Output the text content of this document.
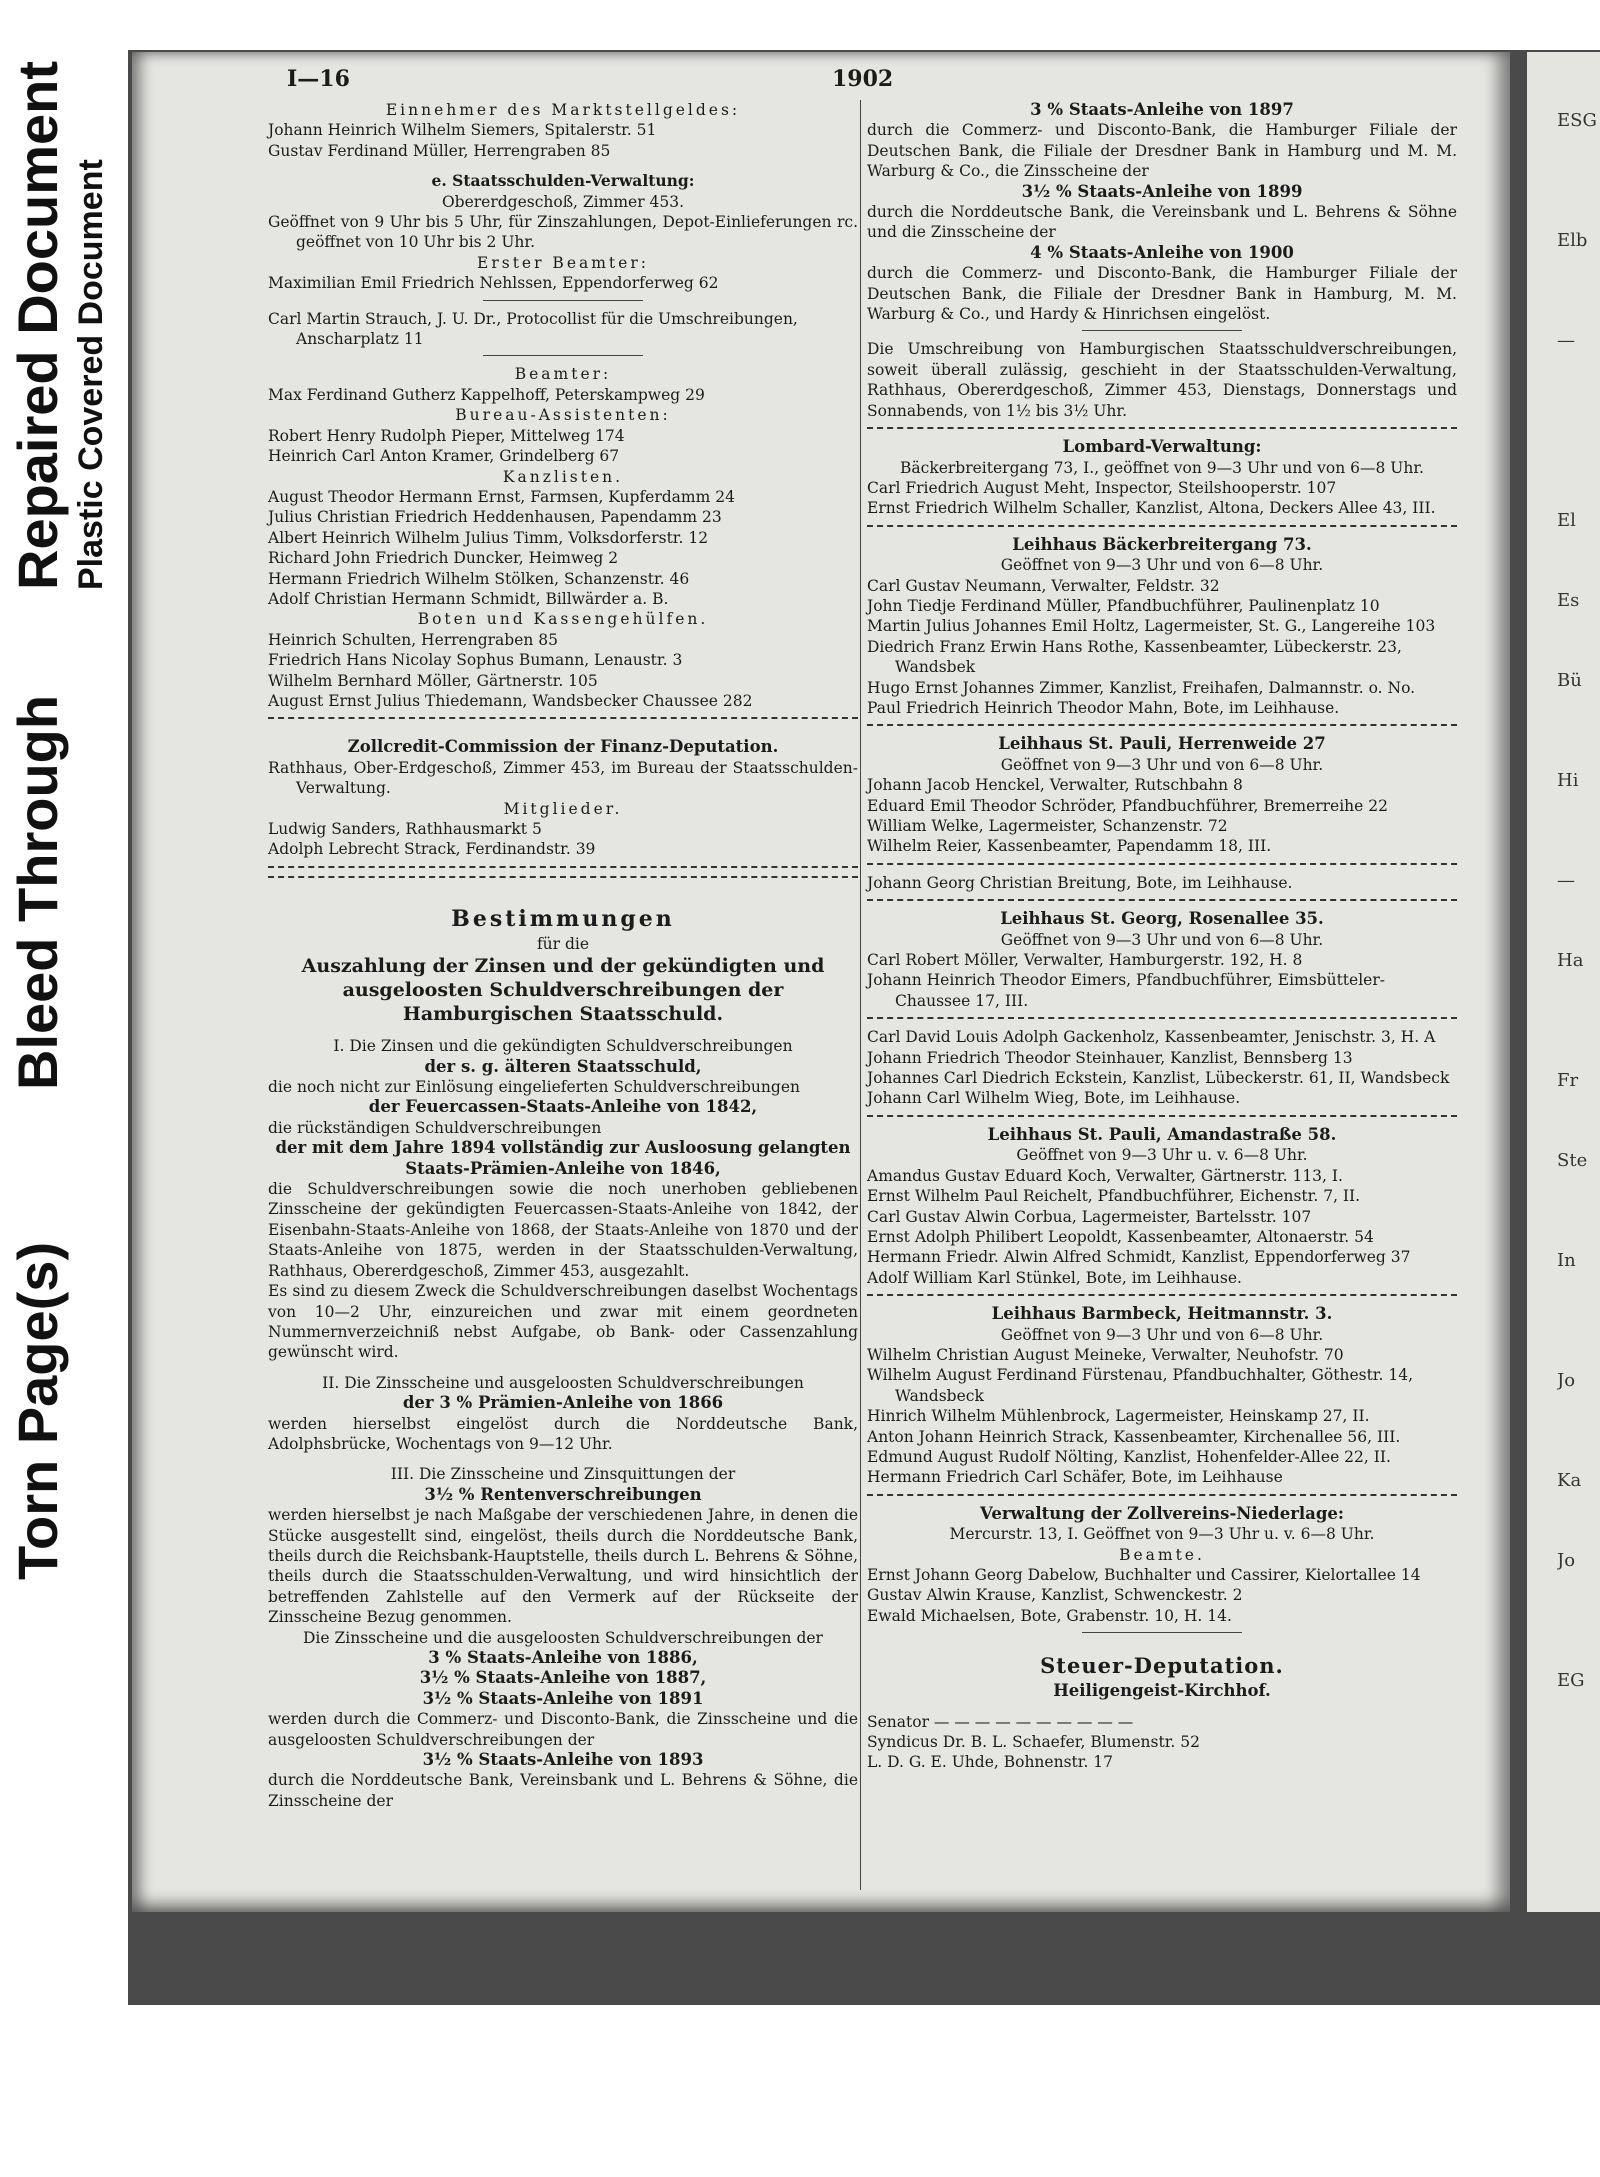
Torn Page(s)
Bleed Through
Repaired Document Plastic Covered Document
I—16	1902

Einnehmer des Marktstellgeldes:

Johann Heinrich Wilhelm Siemers, Spitalerstr. 51

Gustav Ferdinand Müller, Herrengraben 85

e. Staatsschulden-Verwaltung:

Obererdgeschoß, Zimmer 453.

Geöffnet von 9 Uhr bis 5 Uhr, für Zinszahlungen, Depot-Einlieferungen rc. geöffnet von 10 Uhr bis 2 Uhr.

Erster Beamter:

Maximilian Emil Friedrich Nehlssen, Eppendorferweg 62

Carl Martin Strauch, J. U. Dr., Protocollist für die Umschreibungen, Anscharplatz 11

Beamter:

Max Ferdinand Gutherz Kappelhoff, Peterskampweg 29

Bureau-Assistenten:

Robert Henry Rudolph Pieper, Mittelweg 174

Heinrich Carl Anton Kramer, Grindelberg 67

Kanzlisten.

August Theodor Hermann Ernst, Farmsen, Kupferdamm 24

Julius Christian Friedrich Heddenhausen, Papendamm 23

Albert Heinrich Wilhelm Julius Timm, Volksdorferstr. 12

Richard John Friedrich Duncker, Heimweg 2

Hermann Friedrich Wilhelm Stölken, Schanzenstr. 46

Adolf Christian Hermann Schmidt, Billwärder a. B.

Boten und Kassengehülfen.

Heinrich Schulten, Herrengraben 85

Friedrich Hans Nicolay Sophus Bumann, Lenaustr. 3

Wilhelm Bernhard Möller, Gärtnerstr. 105

August Ernst Julius Thiedemann, Wandsbecker Chaussee 282

Zollcredit-Commission der Finanz-Deputation.

Rathhaus, Ober-Erdgeschoß, Zimmer 453, im Bureau der Staatsschulden-Verwaltung.

Mitglieder.

Ludwig Sanders, Rathhausmarkt 5

Adolph Lebrecht Strack, Ferdinandstr. 39

Bestimmungen

für die

Auszahlung der Zinsen und der gekündigten und ausgeloosten Schuldverschreibungen der Hamburgischen Staatsschuld.

I. Die Zinsen und die gekündigten Schuldverschreibungen

der s. g. älteren Staatsschuld,

die noch nicht zur Einlösung eingelieferten Schuldverschreibungen

der Feuercassen-Staats-Anleihe von 1842,

die rückständigen Schuldverschreibungen

der mit dem Jahre 1894 vollständig zur Ausloosung gelangten Staats-Prämien-Anleihe von 1846,

die Schuldverschreibungen sowie die noch unerhoben gebliebenen Zinsscheine der gekündigten Feuercassen-Staats-Anleihe von 1842, der Eisenbahn-Staats-Anleihe von 1868, der Staats-Anleihe von 1870 und der Staats-Anleihe von 1875, werden in der Staatsschulden-Verwaltung, Rathhaus, Obererdgeschoß, Zimmer 453, ausgezahlt.

Es sind zu diesem Zweck die Schuldverschreibungen daselbst Wochentags von 10—2 Uhr, einzureichen und zwar mit einem geordneten Nummernverzeichniß nebst Aufgabe, ob Bank- oder Cassenzahlung gewünscht wird.

II. Die Zinsscheine und ausgeloosten Schuldverschreibungen

der 3 % Prämien-Anleihe von 1866

werden hierselbst eingelöst durch die Norddeutsche Bank, Adolphsbrücke, Wochentags von 9—12 Uhr.

III. Die Zinsscheine und Zinsquittungen der

3½ % Rentenverschreibungen

werden hierselbst je nach Maßgabe der verschiedenen Jahre, in denen die Stücke ausgestellt sind, eingelöst, theils durch die Norddeutsche Bank, theils durch die Reichsbank-Hauptstelle, theils durch L. Behrens & Söhne, theils durch die Staatsschulden-Verwaltung, und wird hinsichtlich der betreffenden Zahlstelle auf den Vermerk auf der Rückseite der Zinsscheine Bezug genommen.

Die Zinsscheine und die ausgeloosten Schuldverschreibungen der

3 % Staats-Anleihe von 1886,

3½ % Staats-Anleihe von 1887,

3½ % Staats-Anleihe von 1891

werden durch die Commerz- und Disconto-Bank, die Zinsscheine und die ausgeloosten Schuldverschreibungen der

3½ % Staats-Anleihe von 1893

durch die Norddeutsche Bank, Vereinsbank und L. Behrens & Söhne, die Zinsscheine der

3 % Staats-Anleihe von 1897

durch die Commerz- und Disconto-Bank, die Hamburger Filiale der Deutschen Bank, die Filiale der Dresdner Bank in Hamburg und M. M. Warburg & Co., die Zinsscheine der

3½ % Staats-Anleihe von 1899

durch die Norddeutsche Bank, die Vereinsbank und L. Behrens & Söhne und die Zinsscheine der

4 % Staats-Anleihe von 1900

durch die Commerz- und Disconto-Bank, die Hamburger Filiale der Deutschen Bank, die Filiale der Dresdner Bank in Hamburg, M. M. Warburg & Co., und Hardy & Hinrichsen eingelöst.

Die Umschreibung von Hamburgischen Staatsschuldverschreibungen, soweit überall zulässig, geschieht in der Staatsschulden-Verwaltung, Rathhaus, Obererdgeschoß, Zimmer 453, Dienstags, Donnerstags und Sonnabends, von 1½ bis 3½ Uhr.

Lombard-Verwaltung:

Bäckerbreitergang 73, I., geöffnet von 9—3 Uhr und von 6—8 Uhr.

Carl Friedrich August Meht, Inspector, Steilshooperstr. 107

Ernst Friedrich Wilhelm Schaller, Kanzlist, Altona, Deckers Allee 43, III.

Leihhaus Bäckerbreitergang 73.

Geöffnet von 9—3 Uhr und von 6—8 Uhr.

Carl Gustav Neumann, Verwalter, Feldstr. 32

John Tiedje Ferdinand Müller, Pfandbuchführer, Paulinenplatz 10

Martin Julius Johannes Emil Holtz, Lagermeister, St. G., Langereihe 103

Diedrich Franz Erwin Hans Rothe, Kassenbeamter, Lübeckerstr. 23, Wandsbek

Hugo Ernst Johannes Zimmer, Kanzlist, Freihafen, Dalmannstr. o. No.

Paul Friedrich Heinrich Theodor Mahn, Bote, im Leihhause.

Leihhaus St. Pauli, Herrenweide 27

Geöffnet von 9—3 Uhr und von 6—8 Uhr.

Johann Jacob Henckel, Verwalter, Rutschbahn 8

Eduard Emil Theodor Schröder, Pfandbuchführer, Bremerreihe 22

William Welke, Lagermeister, Schanzenstr. 72

Wilhelm Reier, Kassenbeamter, Papendamm 18, III.

Johann Georg Christian Breitung, Bote, im Leihhause.

Leihhaus St. Georg, Rosenallee 35.

Geöffnet von 9—3 Uhr und von 6—8 Uhr.

Carl Robert Möller, Verwalter, Hamburgerstr. 192, H. 8

Johann Heinrich Theodor Eimers, Pfandbuchführer, Eimsbütteler-Chaussee 17, III.

Carl David Louis Adolph Gackenholz, Kassenbeamter, Jenischstr. 3, H. A

Johann Friedrich Theodor Steinhauer, Kanzlist, Bennsberg 13

Johannes Carl Diedrich Eckstein, Kanzlist, Lübeckerstr. 61, II, Wandsbeck

Johann Carl Wilhelm Wieg, Bote, im Leihhause.

Leihhaus St. Pauli, Amandastraße 58.

Geöffnet von 9—3 Uhr u. v. 6—8 Uhr.

Amandus Gustav Eduard Koch, Verwalter, Gärtnerstr. 113, I.

Ernst Wilhelm Paul Reichelt, Pfandbuchführer, Eichenstr. 7, II.

Carl Gustav Alwin Corbua, Lagermeister, Bartelsstr. 107

Ernst Adolph Philibert Leopoldt, Kassenbeamter, Altonaerstr. 54

Hermann Friedr. Alwin Alfred Schmidt, Kanzlist, Eppendorferweg 37

Adolf William Karl Stünkel, Bote, im Leihhause.

Leihhaus Barmbeck, Heitmannstr. 3.

Geöffnet von 9—3 Uhr und von 6—8 Uhr.

Wilhelm Christian August Meineke, Verwalter, Neuhofstr. 70

Wilhelm August Ferdinand Fürstenau, Pfandbuchhalter, Göthestr. 14, Wandsbeck

Hinrich Wilhelm Mühlenbrock, Lagermeister, Heinskamp 27, II.

Anton Johann Heinrich Strack, Kassenbeamter, Kirchenallee 56, III.

Edmund August Rudolf Nölting, Kanzlist, Hohenfelder-Allee 22, II.

Hermann Friedrich Carl Schäfer, Bote, im Leihhause

Verwaltung der Zollvereins-Niederlage:

Mercurstr. 13, I. Geöffnet von 9—3 Uhr u. v. 6—8 Uhr.

Beamte.

Ernst Johann Georg Dabelow, Buchhalter und Cassirer, Kielortallee 14

Gustav Alwin Krause, Kanzlist, Schwenckestr. 2

Ewald Michaelsen, Bote, Grabenstr. 10, H. 14.

Steuer-Deputation.

Heiligengeist-Kirchhof.

Senator — — — — — — — — — —

Syndicus Dr. B. L. Schaefer, Blumenstr. 52

L. D. G. E. Uhde, Bohnenstr. 17

ESG
Elb
—
El
Es
Bü
Hi
—
Ha
Fr
Ste
In
Jo
Ka
Jo
EG
